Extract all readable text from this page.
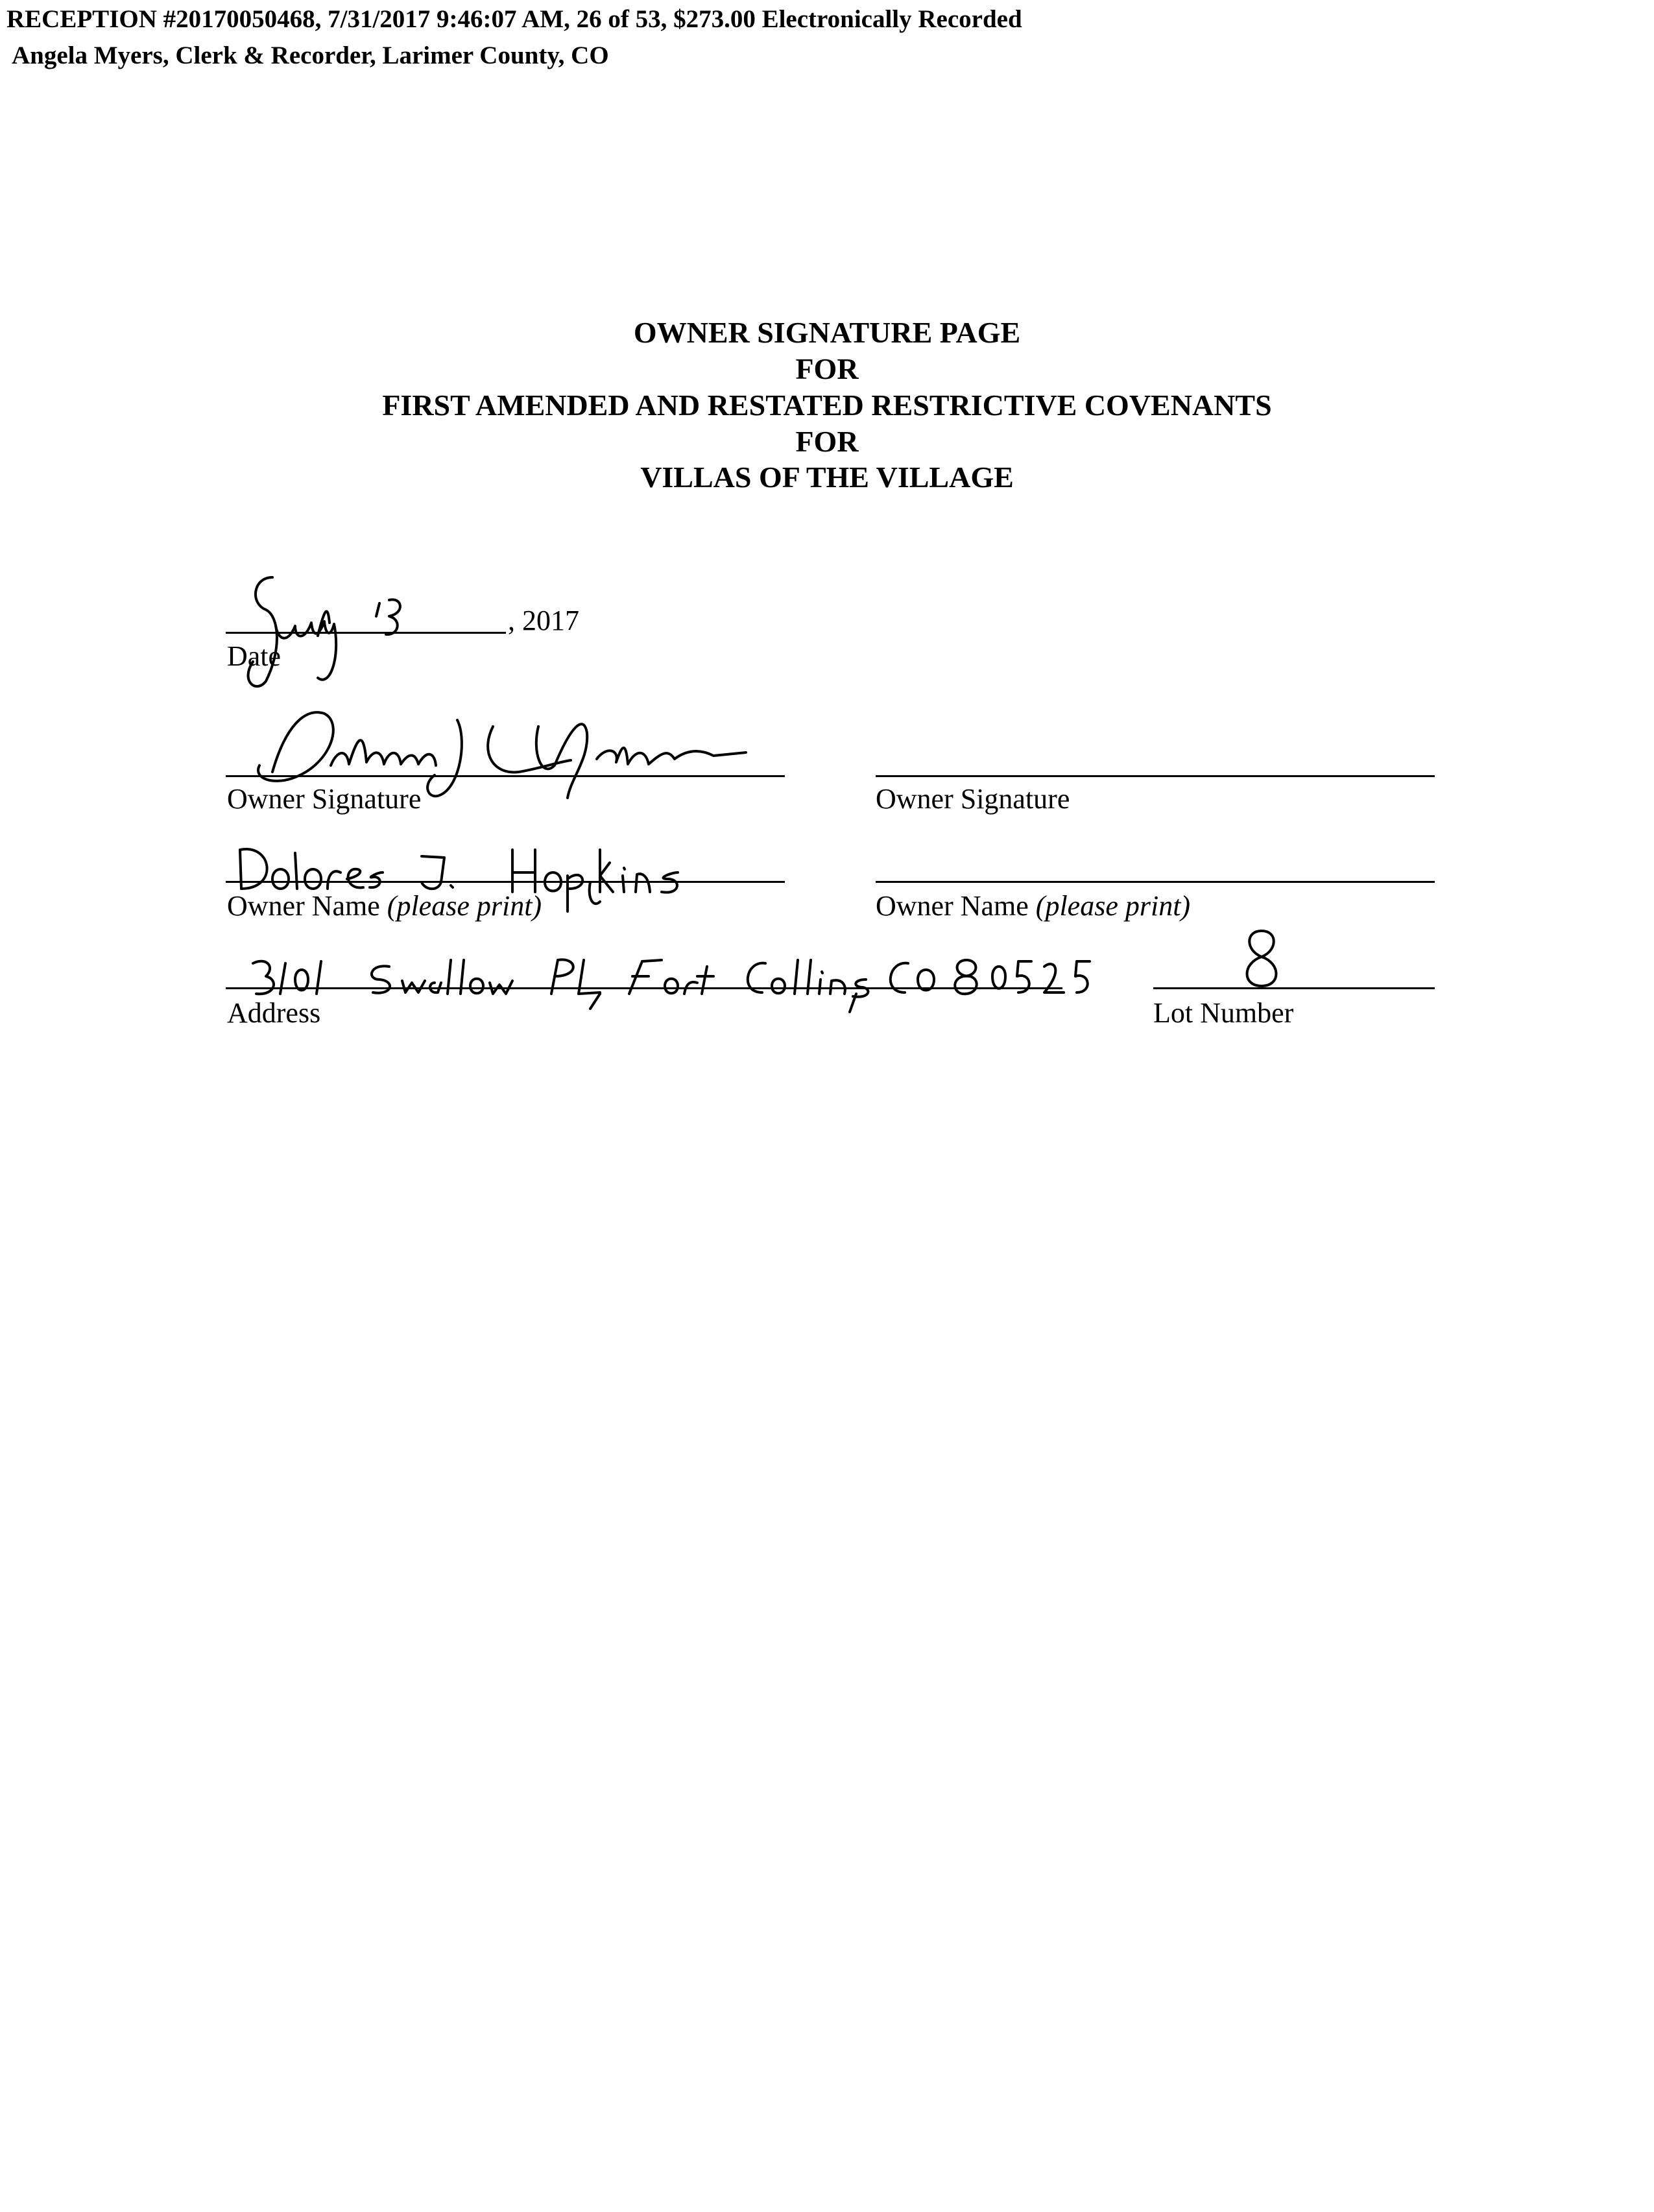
RECEPTION #20170050468, 7/31/2017 9:46:07 AM, 26 of 53, $273.00 Electronically Recorded
Angela Myers, Clerk & Recorder, Larimer County, CO
OWNER SIGNATURE PAGE
FOR
FIRST AMENDED AND RESTATED RESTRICTIVE COVENANTS
FOR
VILLAS OF THE VILLAGE
, 2017
Date
Owner Signature	Owner Signature
Owner Name (please print)	Owner Name (please print)
Address	Lot Number
